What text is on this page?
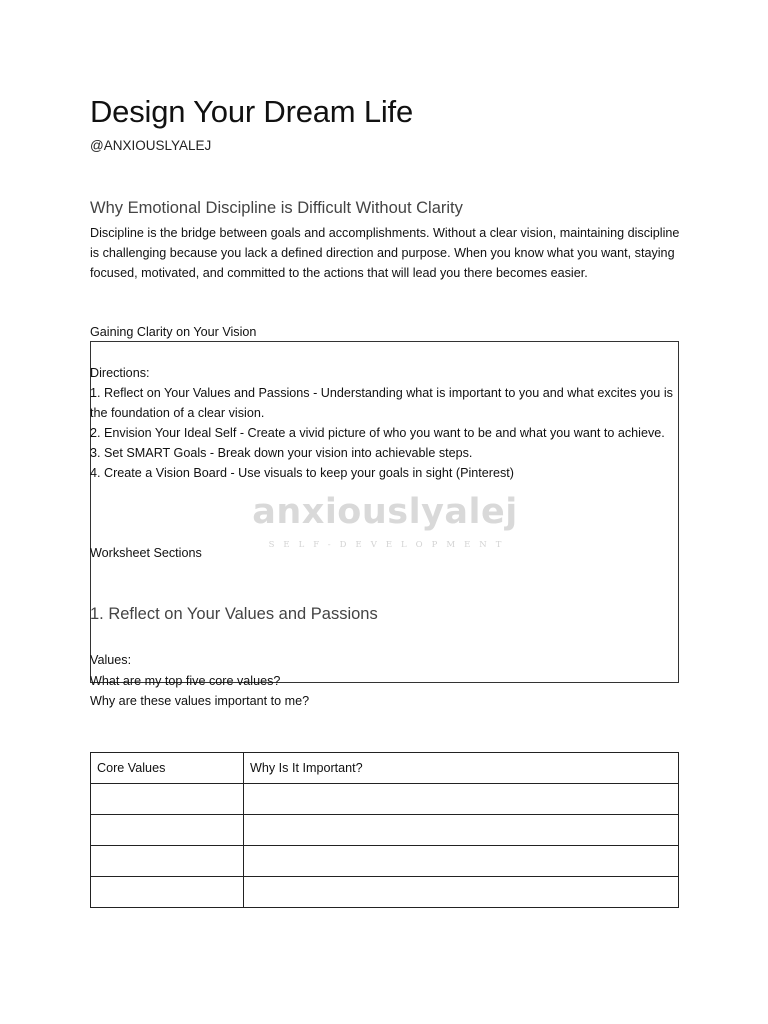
Design Your Dream Life
@ANXIOUSLYALEJ
Why Emotional Discipline is Difficult Without Clarity
Discipline is the bridge between goals and accomplishments. Without a clear vision, maintaining discipline is challenging because you lack a defined direction and purpose. When you know what you want, staying focused, motivated, and committed to the actions that will lead you there becomes easier.
Gaining Clarity on Your Vision
anxiouslyalej
SELF-DEVELOPMENT
Directions:
1. Reflect on Your Values and Passions - Understanding what is important to you and what excites you is the foundation of a clear vision.
2. Envision Your Ideal Self - Create a vivid picture of who you want to be and what you want to achieve.
3. Set SMART Goals - Break down your vision into achievable steps.
4. Create a Vision Board - Use visuals to keep your goals in sight (Pinterest)
Worksheet Sections
1. Reflect on Your Values and Passions
Values:
What are my top five core values?
Why are these values important to me?
Core Values	Why Is It Important?
